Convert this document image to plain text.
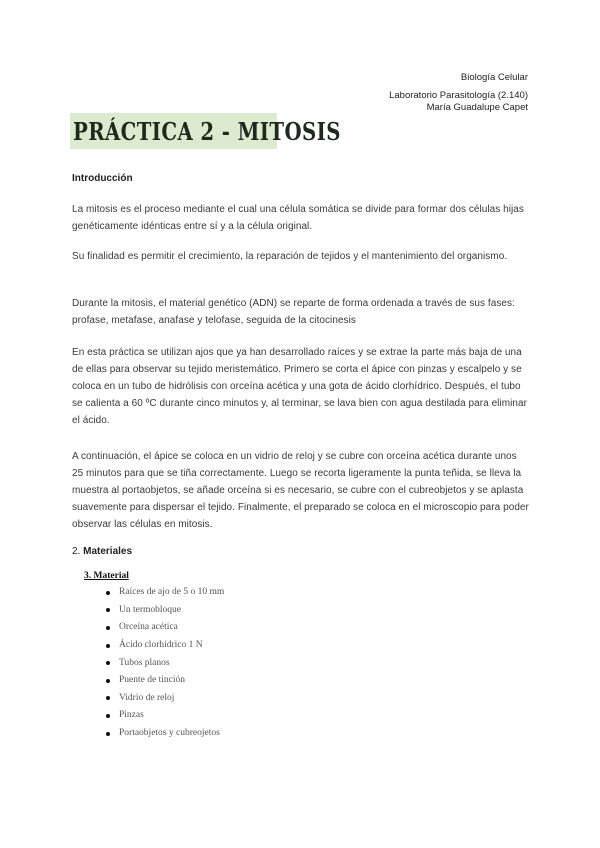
Biología Celular
Laboratorio Parasitología (2.140)
María Guadalupe Capet
PRÁCTICA 2 - MITOSIS
Introducción
La mitosis es el proceso mediante el cual una célula somática se divide para formar dos células hijas genéticamente idénticas entre sí y a la célula original.
Su finalidad es permitir el crecimiento, la reparación de tejidos y el mantenimiento del organismo.
Durante la mitosis, el material genético (ADN) se reparte de forma ordenada a través de sus fases: profase, metafase, anafase y telofase, seguida de la citocinesis
En esta práctica se utilizan ajos que ya han desarrollado raíces y se extrae la parte más baja de una de ellas para observar su tejido meristemático. Primero se corta el ápice con pinzas y escalpelo y se coloca en un tubo de hidrólisis con orceína acética y una gota de ácido clorhídrico. Después, el tubo se calienta a 60 ºC durante cinco minutos y, al terminar, se lava bien con agua destilada para eliminar el ácido.
A continuación, el ápice se coloca en un vidrio de reloj y se cubre con orceína acética durante unos 25 minutos para que se tiña correctamente. Luego se recorta ligeramente la punta teñida, se lleva la muestra al portaobjetos, se añade orceína si es necesario, se cubre con el cubreobjetos y se aplasta suavemente para dispersar el tejido. Finalmente, el preparado se coloca en el microscopio para poder observar las células en mitosis.
2. Materiales
3. Material
Raíces de ajo de 5 o 10 mm
Un termobloque
Orceína acética
Ácido clorhídrico 1 N
Tubos planos
Puente de tinción
Vidrio de reloj
Pinzas
Portaobjetos y cubreojetos
